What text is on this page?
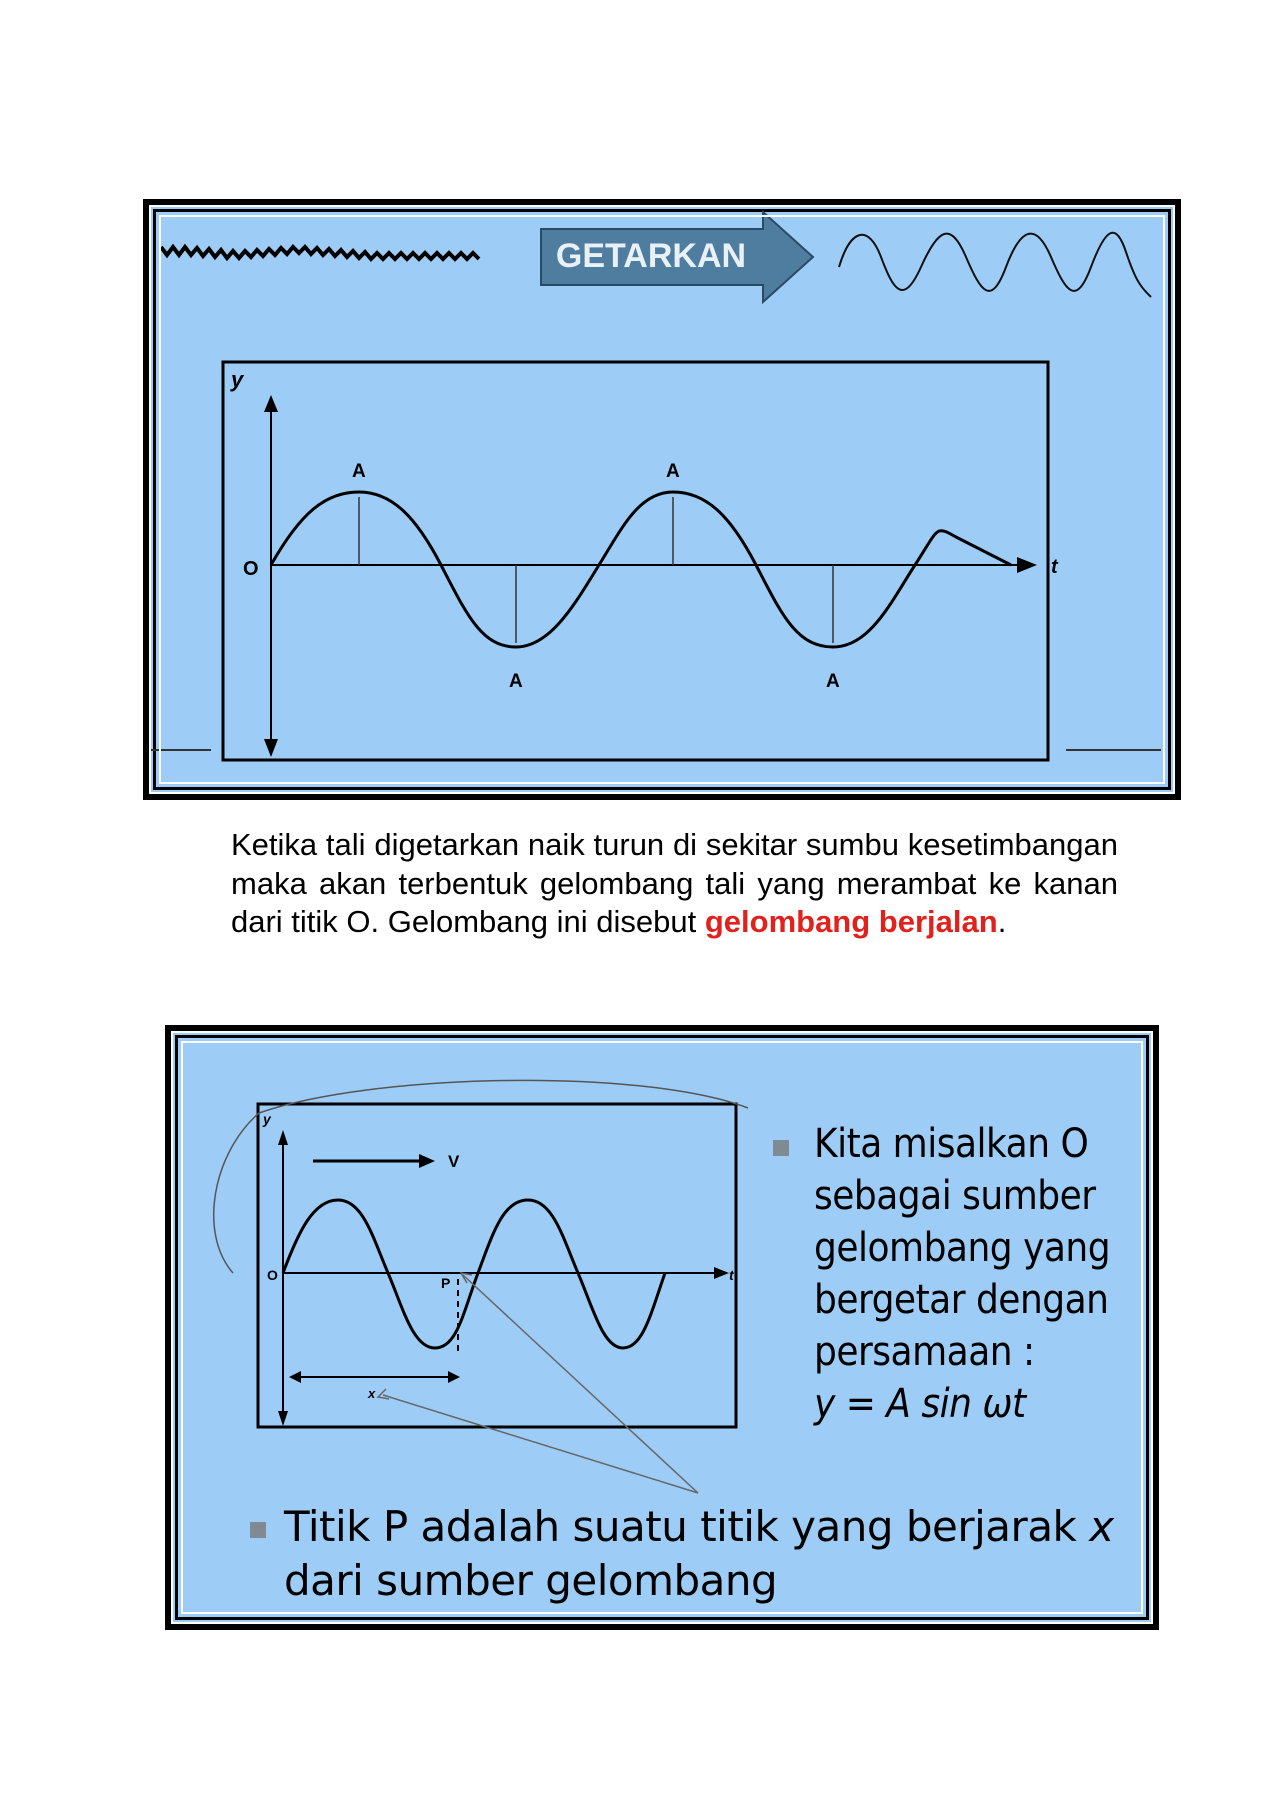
GETARKAN
y
t
O
A	A
A	A

Ketika tali digetarkan naik turun di sekitar sumbu kesetimbangan maka akan terbentuk gelombang tali yang merambat ke kanan dari titik O. Gelombang ini disebut gelombang berjalan.

y
t
O
V
P
x
Kita misalkan O
sebagai sumber
gelombang yang
bergetar dengan
persamaan :
y = A sin ωt
Titik P adalah suatu titik yang berjarak x dari sumber gelombang
